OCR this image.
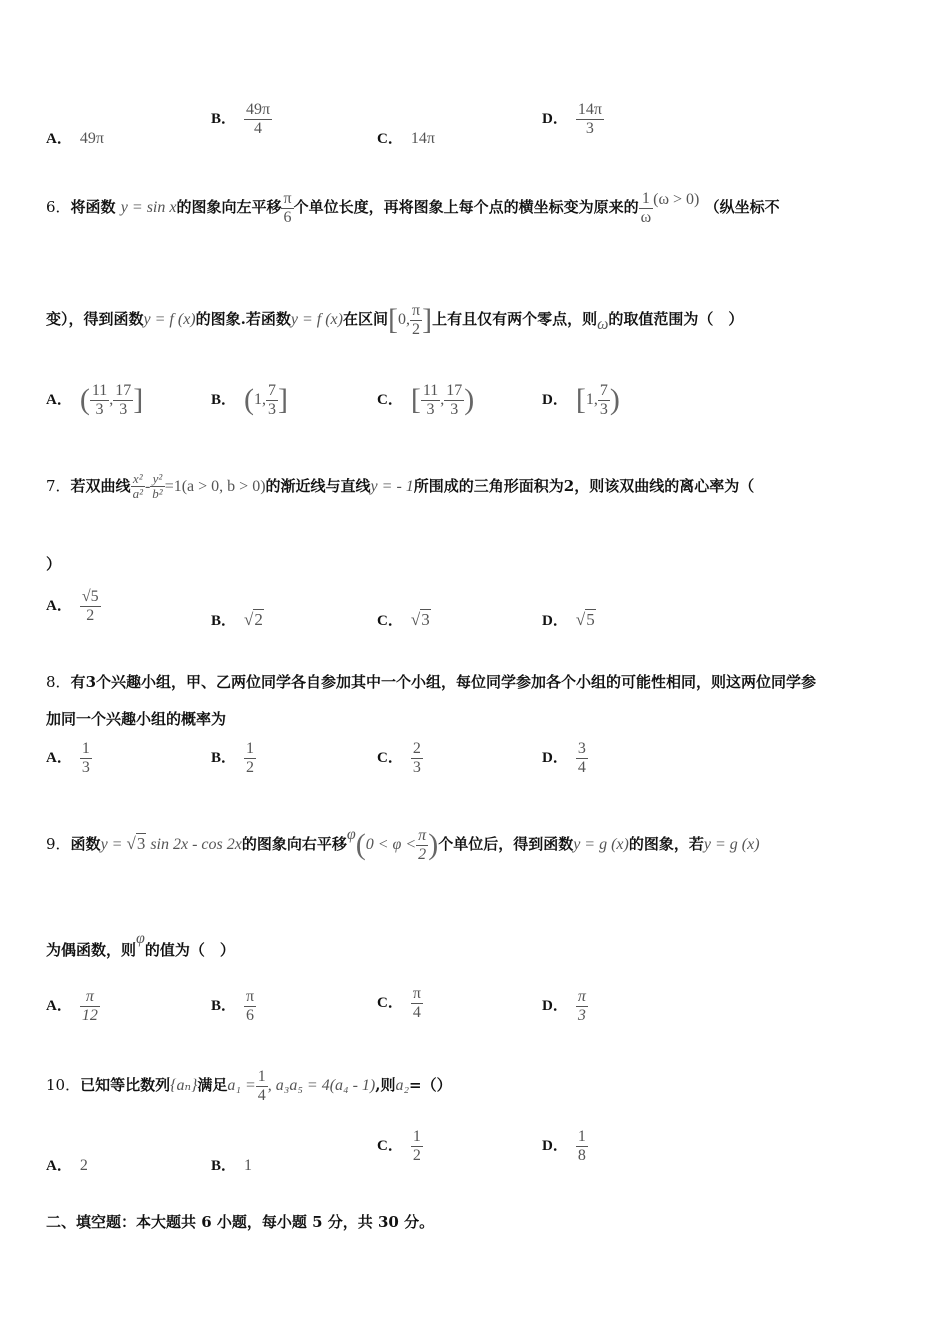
A． 49π
B． $\frac{49\pi}{4}$
C． 14π
D． $\frac{14\pi}{3}$
6．将函数 y = sin x的图象向左平移 $\frac{\pi}{6}$ 个单位长度，再将图象上每个点的横坐标变为原来的 $\frac{1}{\omega} (\omega > 0)$ （纵坐标不
变），得到函数y = f (x)的图象.若函数y = f (x)在区间[0, $\frac{\pi}{2}$ ]上有且仅有两个零点，则ω的取值范围为（　）
A． ( $\frac{11}{3}$ , $\frac{17}{3}$ ]	B． (1, $\frac{7}{3}$ ]	C． [ $\frac{11}{3}$ , $\frac{17}{3}$ )	D． [1, $\frac{7}{3}$ )
7．若双曲线 $\frac{\text{x²}}{\text{a²}} - \frac{\text{y²}}{\text{b²}} =1(a > 0$, b > 0)的渐近线与直线y = - 1所围成的三角形面积为2，则该双曲线的离心率为（
）
A． $\frac{√5}{2}$	B． √2	C． √3	D． √5
8．有3个兴趣小组，甲、乙两位同学各自参加其中一个小组，每位同学参加各个小组的可能性相同，则这两位同学参
加同一个兴趣小组的概率为
A． $\frac{1}{3}$	B． $\frac{1}{2}$	C． $\frac{2}{3}$	D． $\frac{3}{4}$
9．函数y = √3 sin 2x - cos 2x的图象向右平移$\varphi(0 < \varphi < \frac{\pi}{2}$ )个单位后，得到函数y = g (x)的图象，若y = g (x)
为偶函数，则φ的值为（　）
A． $\frac{\pi}{12}$	B． $\frac{\pi}{6}$	C． $\frac{\pi}{4}$	D． $\frac{\pi}{3}$
10．已知等比数列{aₙ}满足$a_1 = \frac{1}{4}$ , a₃a₅ = 4(a₄ - 1),则a₂=（）
A． 2	B． 1
C． $\frac{1}{2}$	D． $\frac{1}{8}$
二、填空题：本大题共 6 小题，每小题 5 分，共 30 分。
